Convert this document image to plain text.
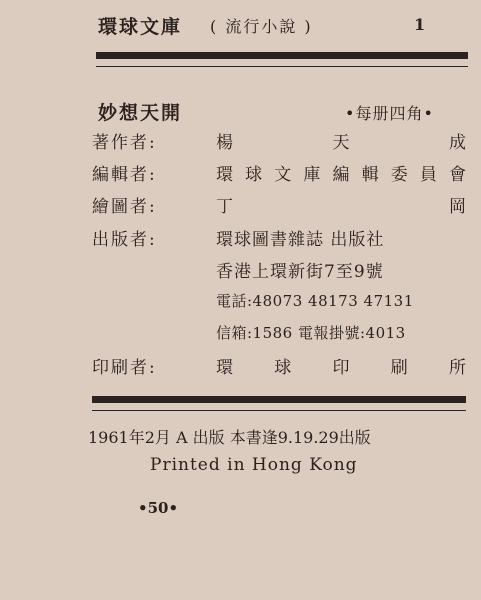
環球文庫 ( 流行小說 )	1
妙想天開	•每册四角•
著作者:	楊	天	成
編輯者:	環 球 文 庫 編 輯 委 員 會
繪圖者:	丁	岡
出版者:	環球圖書雜誌 出版社
香港上環新街7至9號
電話:48073 48173 47131
信箱:1586 電報掛號:4013
印刷者:	環 球 印 刷 所
1961年2月 A 出版 本書逢9.19.29出版
Printed in Hong Kong
•50•
